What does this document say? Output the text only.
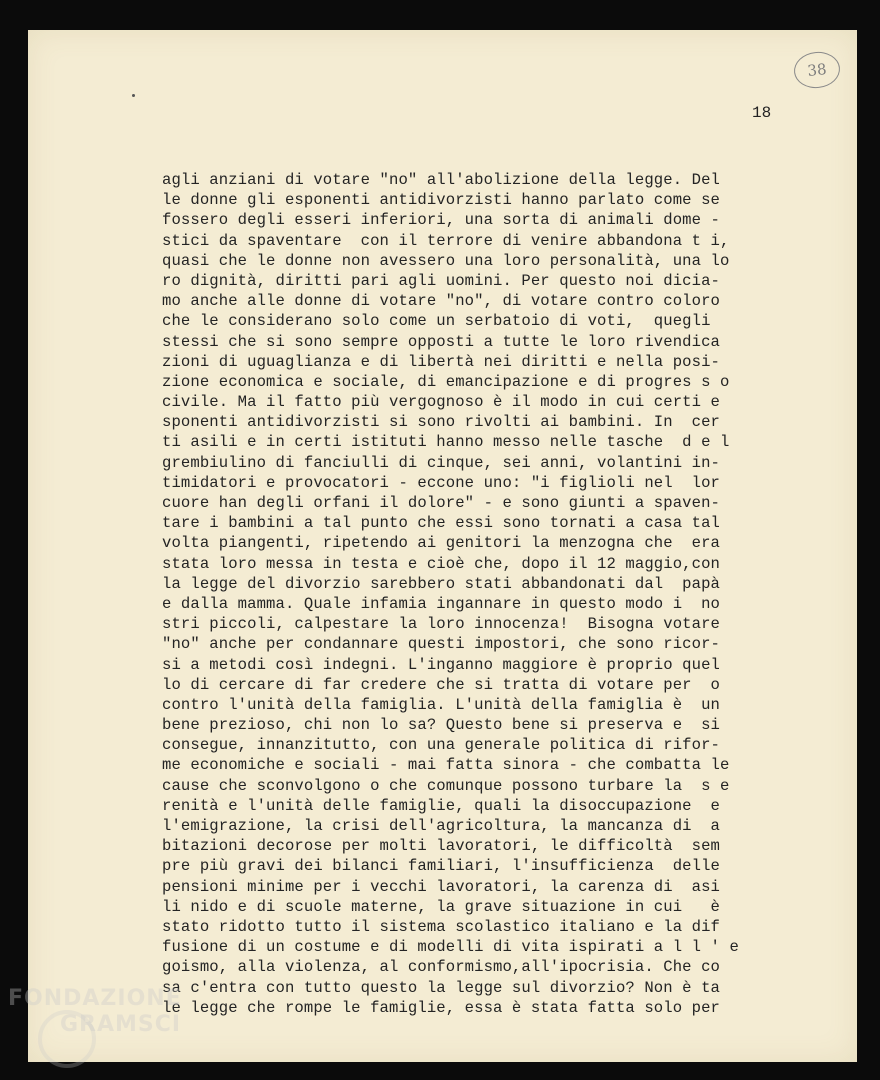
38
18
agli anziani di votare "no" all'abolizione della legge. Del
le donne gli esponenti antidivorzisti hanno parlato come se
fossero degli esseri inferiori, una sorta di animali dome -
stici da spaventare  con il terrore di venire abbandona t i,
quasi che le donne non avessero una loro personalità, una lo
ro dignità, diritti pari agli uomini. Per questo noi dicia-
mo anche alle donne di votare "no", di votare contro coloro
che le considerano solo come un serbatoio di voti,  quegli
stessi che si sono sempre opposti a tutte le loro rivendica
zioni di uguaglianza e di libertà nei diritti e nella posi-
zione economica e sociale, di emancipazione e di progres s o
civile. Ma il fatto più vergognoso è il modo in cui certi e
sponenti antidivorzisti si sono rivolti ai bambini. In  cer
ti asili e in certi istituti hanno messo nelle tasche  d e l
grembiulino di fanciulli di cinque, sei anni, volantini in-
timidatori e provocatori - eccone uno: "i figlioli nel  lor
cuore han degli orfani il dolore" - e sono giunti a spaven-
tare i bambini a tal punto che essi sono tornati a casa tal
volta piangenti, ripetendo ai genitori la menzogna che  era
stata loro messa in testa e cioè che, dopo il 12 maggio,con
la legge del divorzio sarebbero stati abbandonati dal  papà
e dalla mamma. Quale infamia ingannare in questo modo i  no
stri piccoli, calpestare la loro innocenza!  Bisogna votare
"no" anche per condannare questi impostori, che sono ricor-
si a metodi così indegni. L'inganno maggiore è proprio quel
lo di cercare di far credere che si tratta di votare per  o
contro l'unità della famiglia. L'unità della famiglia è  un
bene prezioso, chi non lo sa? Questo bene si preserva e  si
consegue, innanzitutto, con una generale politica di rifor-
me economiche e sociali - mai fatta sinora - che combatta le
cause che sconvolgono o che comunque possono turbare la  s e
renità e l'unità delle famiglie, quali la disoccupazione  e
l'emigrazione, la crisi dell'agricoltura, la mancanza di  a
bitazioni decorose per molti lavoratori, le difficoltà  sem
pre più gravi dei bilanci familiari, l'insufficienza  delle
pensioni minime per i vecchi lavoratori, la carenza di  asi
li nido e di scuole materne, la grave situazione in cui   è
stato ridotto tutto il sistema scolastico italiano e la dif
fusione di un costume e di modelli di vita ispirati a l l ' e
goismo, alla violenza, al conformismo,all'ipocrisia. Che co
sa c'entra con tutto questo la legge sul divorzio? Non è ta
le legge che rompe le famiglie, essa è stata fatta solo per
FONDAZIONE
GRAMSCI
